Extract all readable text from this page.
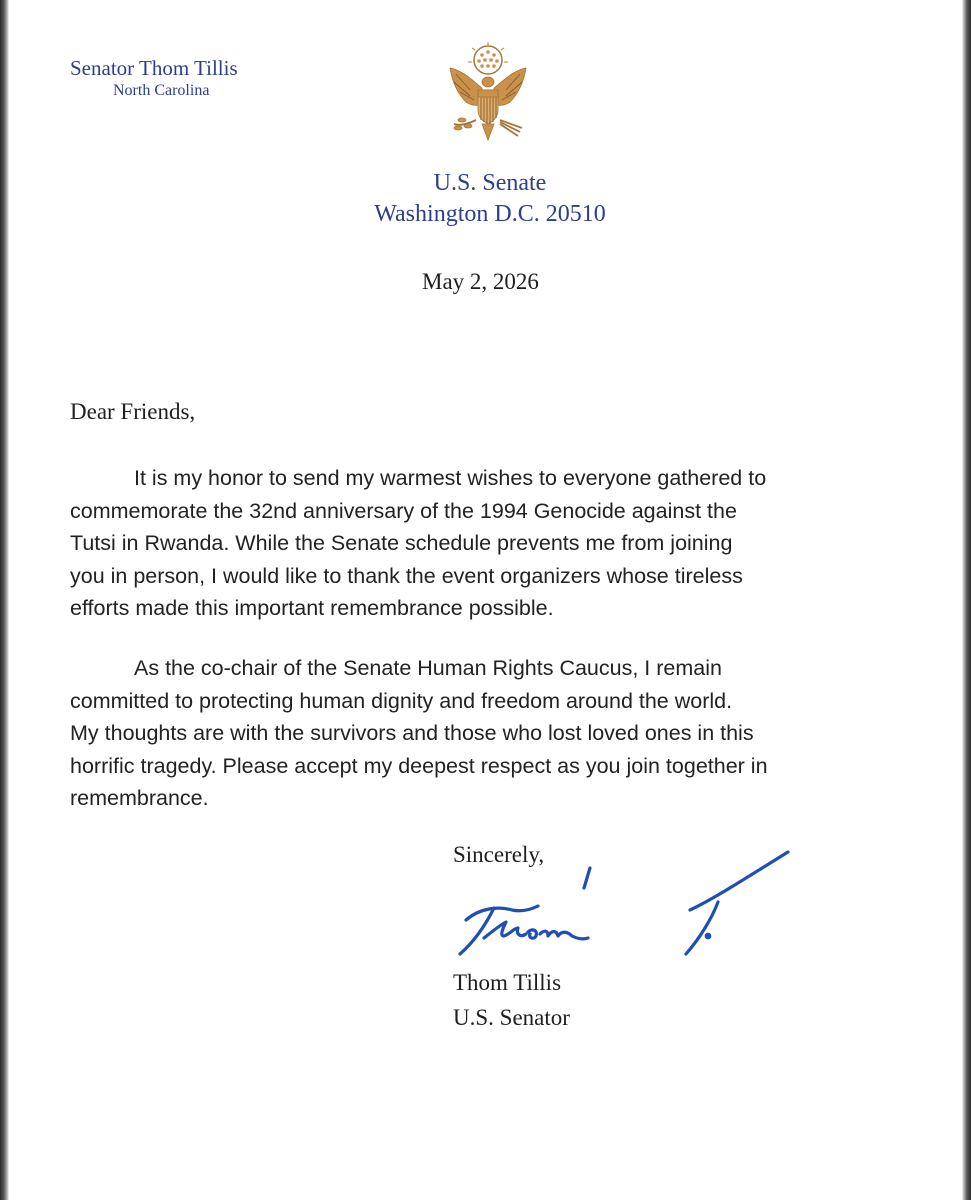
Senator Thom Tillis
North Carolina
U.S. Senate
Washington D.C. 20510
May 2, 2026
Dear Friends,
It is my honor to send my warmest wishes to everyone gathered to
commemorate the 32nd anniversary of the 1994 Genocide against the
Tutsi in Rwanda. While the Senate schedule prevents me from joining
you in person, I would like to thank the event organizers whose tireless
efforts made this important remembrance possible.
As the co-chair of the Senate Human Rights Caucus, I remain
committed to protecting human dignity and freedom around the world.
My thoughts are with the survivors and those who lost loved ones in this
horrific tragedy. Please accept my deepest respect as you join together in
remembrance.
Sincerely,
Thom Tillis
U.S. Senator
